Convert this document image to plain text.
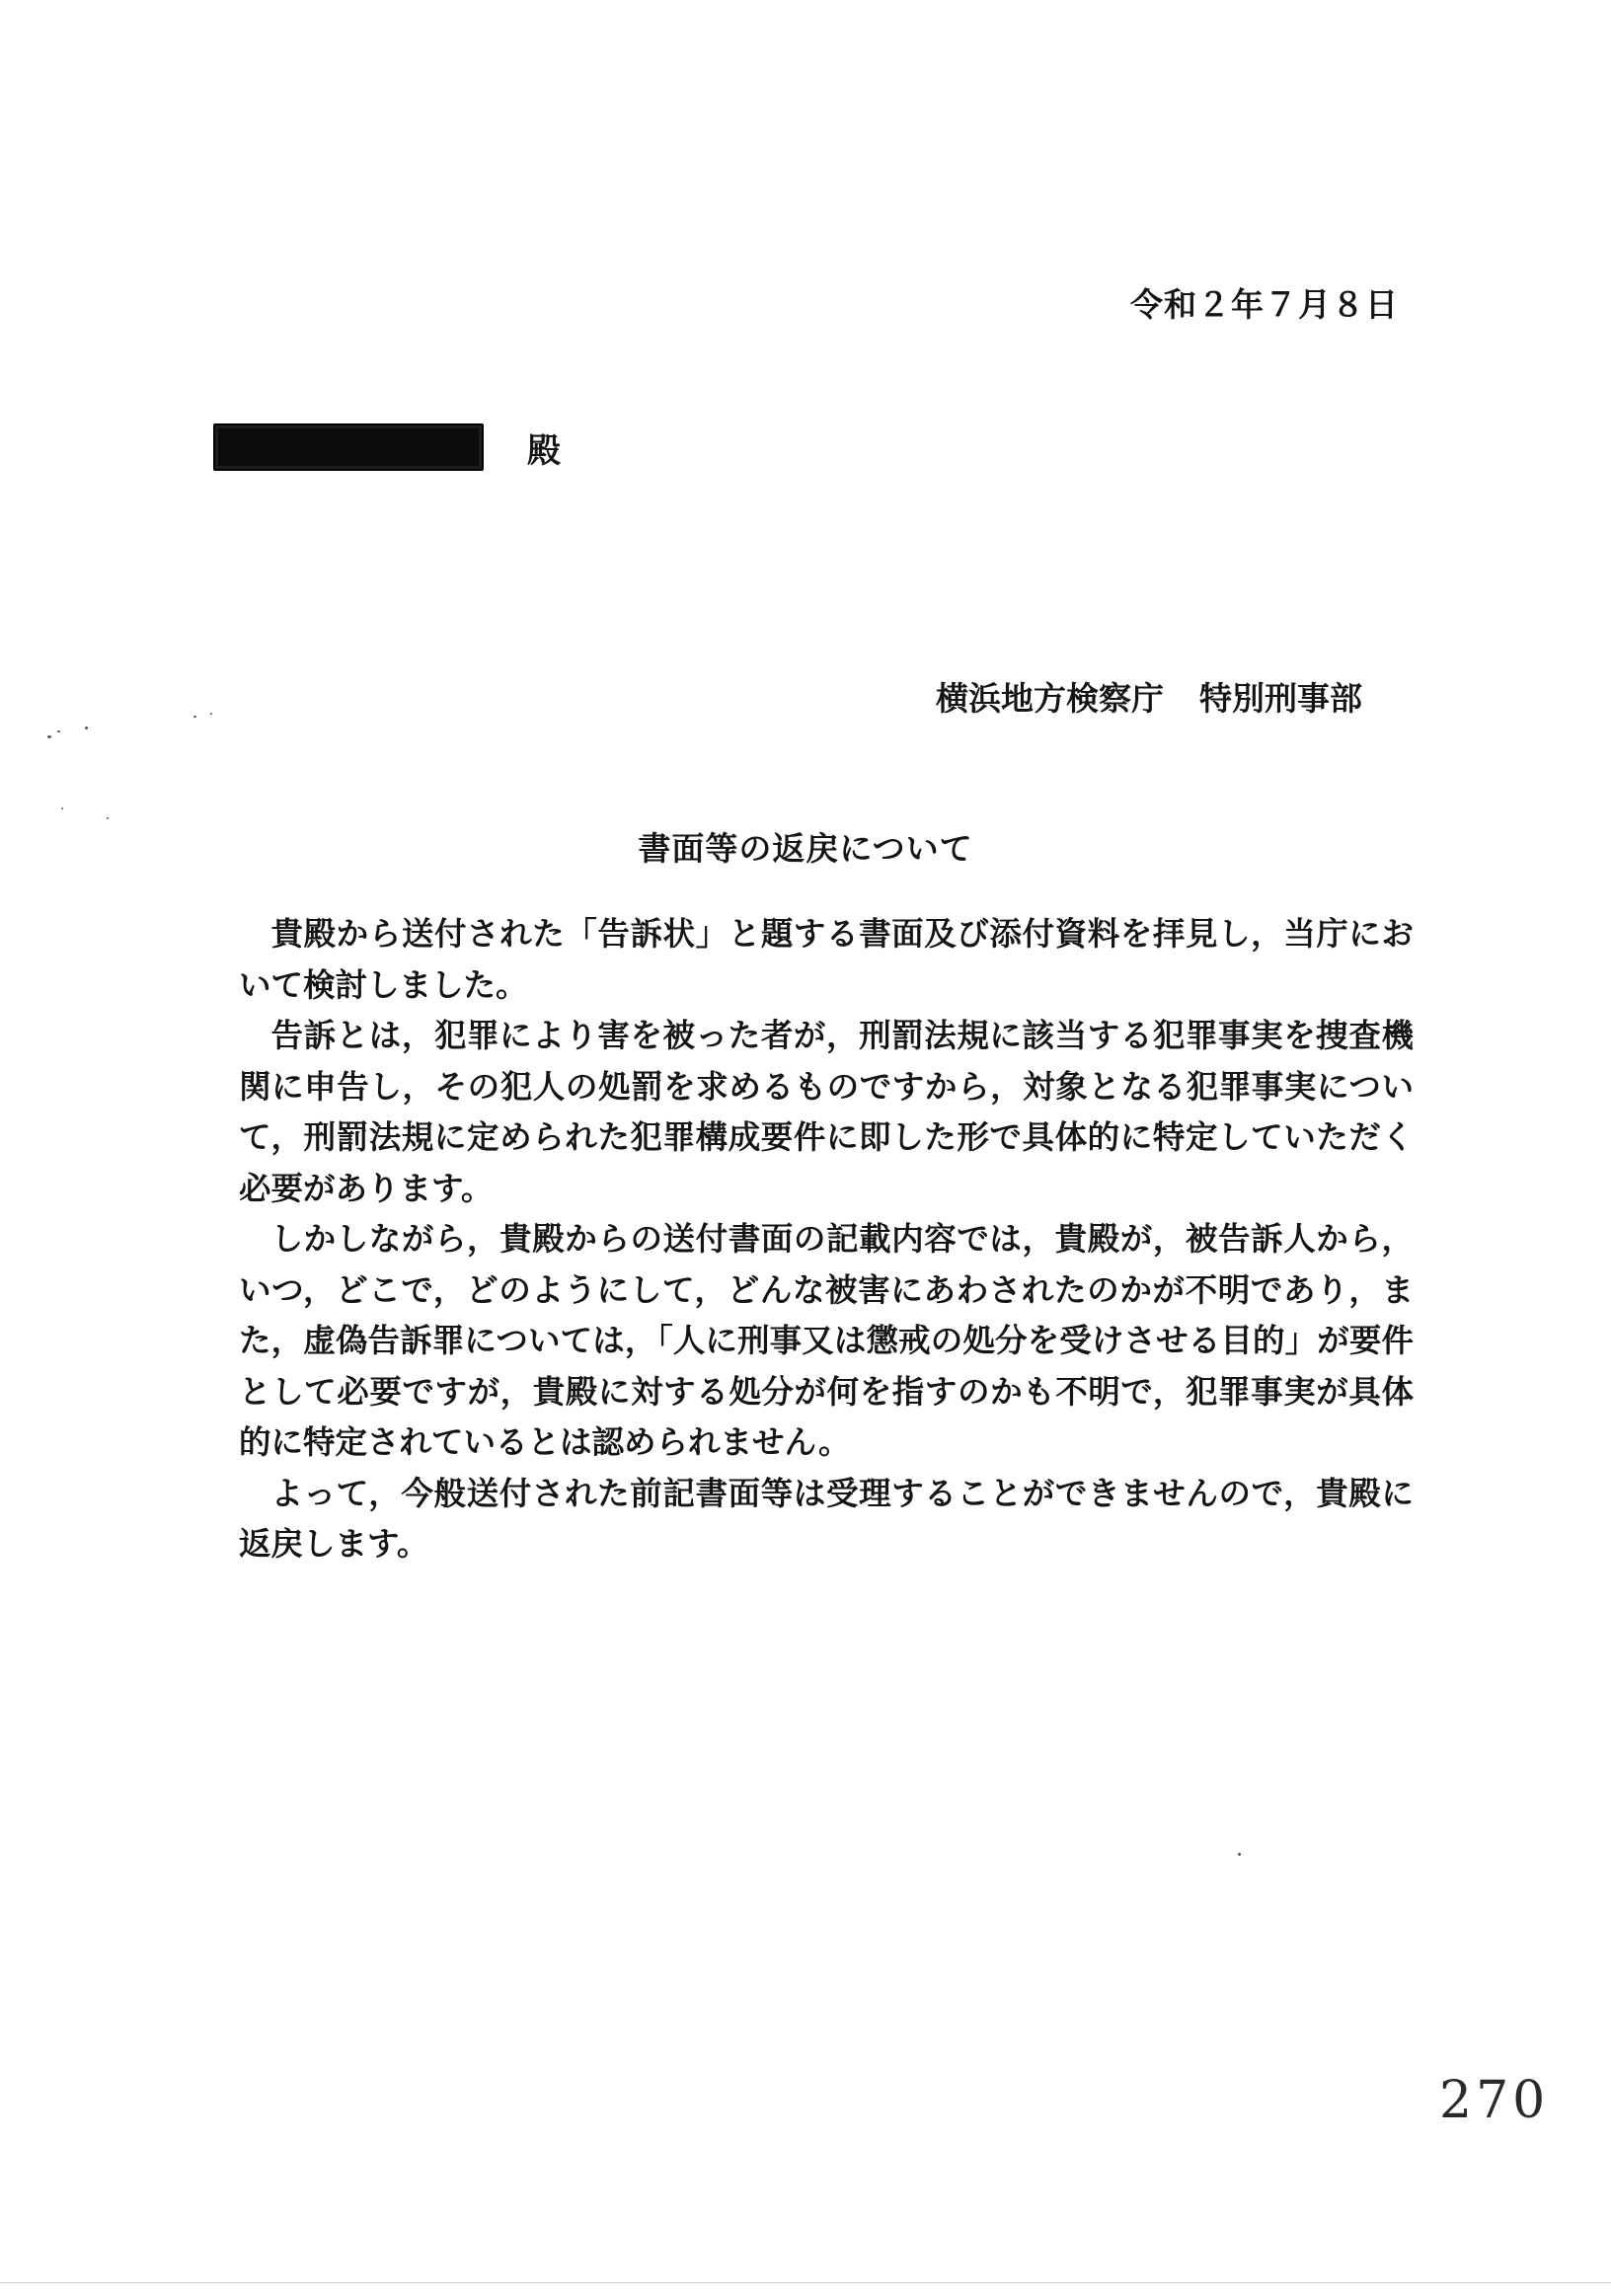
令和２年７月８日
殿
横浜地方検察庁 特別刑事部
書面等の返戻について

貴殿から送付された「告訴状」と題する書面及び添付資料を拝見し，当庁において検討しました。

告訴とは，犯罪により害を被った者が，刑罰法規に該当する犯罪事実を捜査機関に申告し，その犯人の処罰を求めるものですから，対象となる犯罪事実について，刑罰法規に定められた犯罪構成要件に即した形で具体的に特定していただく必要があります。

しかしながら，貴殿からの送付書面の記載内容では，貴殿が，被告訴人から，いつ，どこで，どのようにして，どんな被害にあわされたのかが不明であり，また，虚偽告訴罪については，「人に刑事又は懲戒の処分を受けさせる目的」が要件として必要ですが，貴殿に対する処分が何を指すのかも不明で，犯罪事実が具体的に特定されているとは認められません。

よって，今般送付された前記書面等は受理することができませんので，貴殿に返戻します。

270
